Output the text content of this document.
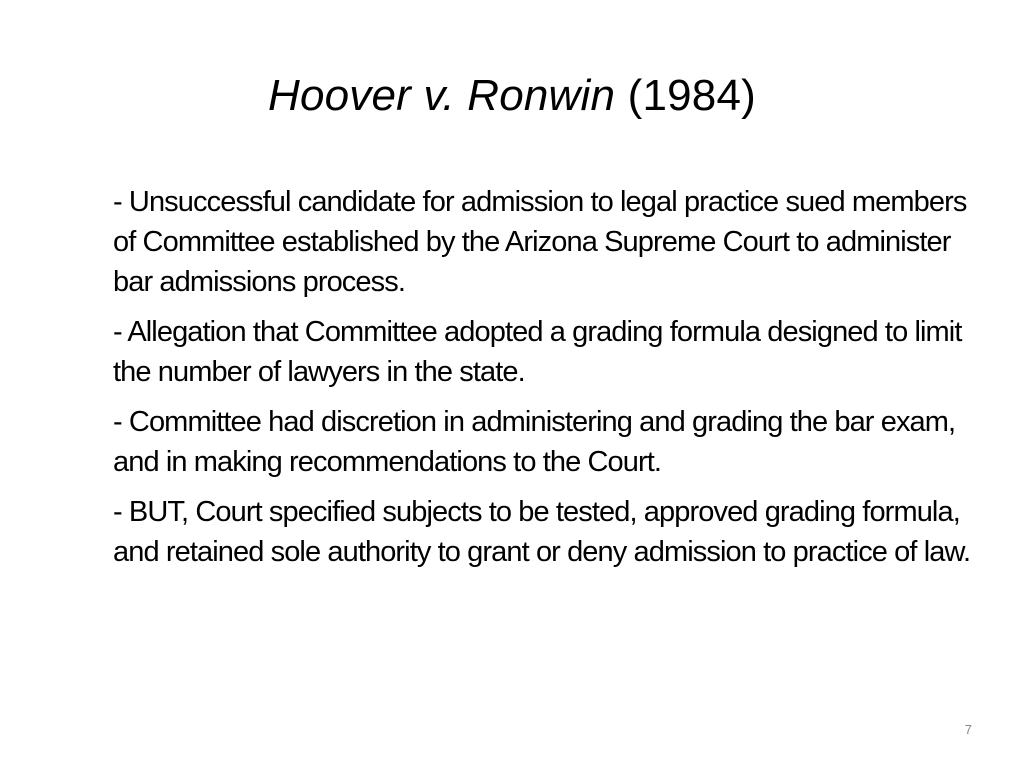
Hoover v. Ronwin (1984)
- Unsuccessful candidate for admission to legal practice sued members of Committee established by the Arizona Supreme Court to administer bar admissions process.
- Allegation that Committee adopted a grading formula designed to limit the number of lawyers in the state.
- Committee had discretion in administering and grading the bar exam, and in making recommendations to the Court.
- BUT, Court specified subjects to be tested, approved grading formula, and retained sole authority to grant or deny admission to practice of law.
7
